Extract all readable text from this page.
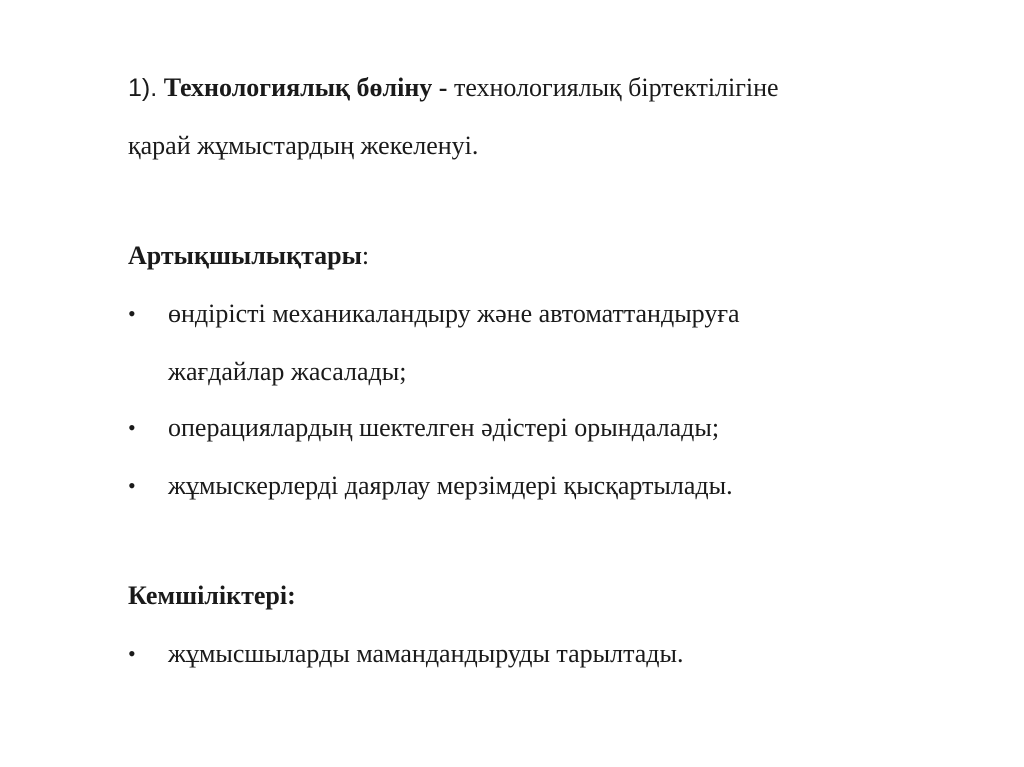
1). Технологиялық бөліну - технологиялық біртектілігіне
қарай жұмыстардың жекеленуі.
Артықшылықтары:
•	өндірісті механикаландыру және автоматтандыруға
жағдайлар жасалады;
•	операциялардың шектелген әдістері орындалады;
•	жұмыскерлерді даярлау мерзімдері қысқартылады.
Кемшіліктері:
•	жұмысшыларды мамандандыруды тарылтады.
